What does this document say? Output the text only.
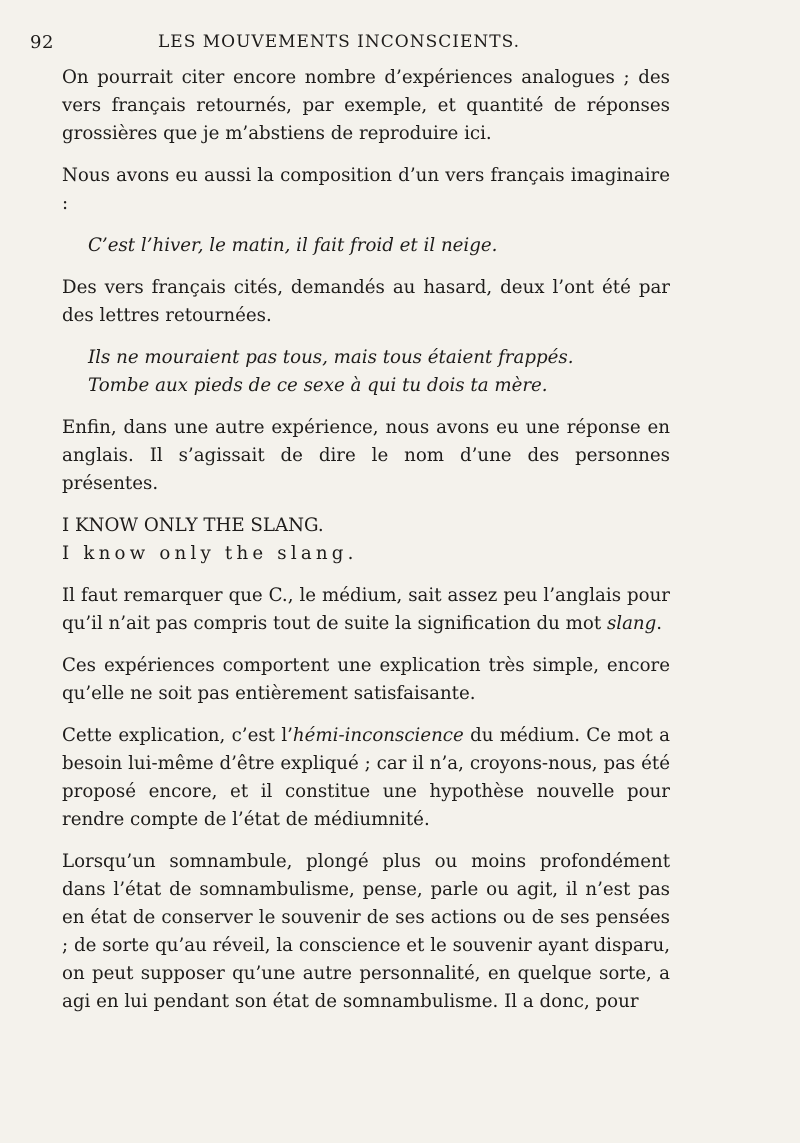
92	LES MOUVEMENTS INCONSCIENTS.

On pourrait citer encore nombre d’expériences analogues ; des vers français retournés, par exemple, et quantité de réponses grossières que je m’abstiens de reproduire ici.

Nous avons eu aussi la composition d’un vers français imaginaire :

C’est l’hiver, le matin, il fait froid et il neige.

Des vers français cités, demandés au hasard, deux l’ont été par des lettres retournées.

Ils ne mouraient pas tous, mais tous étaient frappés.
Tombe aux pieds de ce sexe à qui tu dois ta mère.

Enfin, dans une autre expérience, nous avons eu une réponse en anglais. Il s’agissait de dire le nom d’une des personnes présentes.

I KNOW ONLY THE SLANG.
I know only the slang.

Il faut remarquer que C., le médium, sait assez peu l’anglais pour qu’il n’ait pas compris tout de suite la signification du mot slang.

Ces expériences comportent une explication très simple, encore qu’elle ne soit pas entièrement satisfaisante.

Cette explication, c’est l’hémi-inconscience du médium. Ce mot a besoin lui-même d’être expliqué ; car il n’a, croyons-nous, pas été proposé encore, et il constitue une hypothèse nouvelle pour rendre compte de l’état de médiumnité.

Lorsqu’un somnambule, plongé plus ou moins profondément dans l’état de somnambulisme, pense, parle ou agit, il n’est pas en état de conserver le souvenir de ses actions ou de ses pensées ; de sorte qu’au réveil, la conscience et le souvenir ayant disparu, on peut supposer qu’une autre personnalité, en quelque sorte, a agi en lui pendant son état de somnambulisme. Il a donc, pour
